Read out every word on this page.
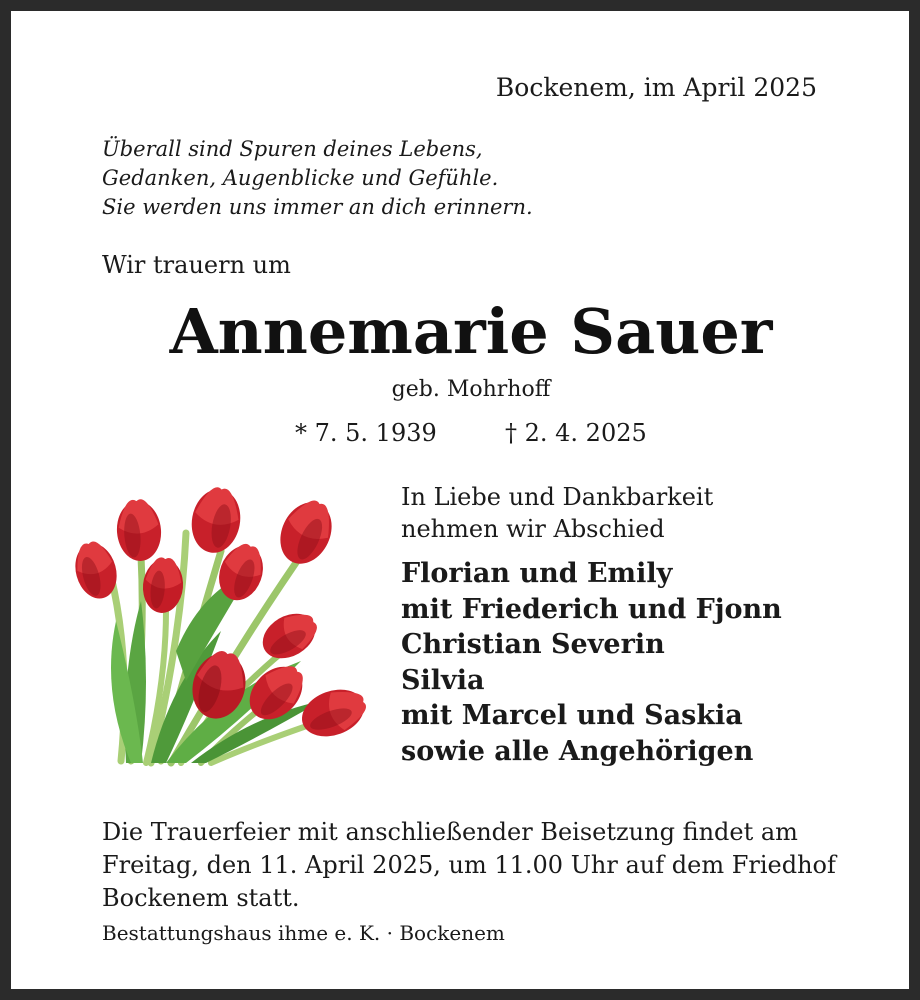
Bockenem, im April 2025
Überall sind Spuren deines Lebens,
Gedanken, Augenblicke und Gefühle.
Sie werden uns immer an dich erinnern.
Wir trauern um
Annemarie Sauer
geb. Mohrhoff
* 7. 5. 1939	† 2. 4. 2025
In Liebe und Dankbarkeit
nehmen wir Abschied
Florian und Emily
mit Friederich und Fjonn
Christian Severin
Silvia
mit Marcel und Saskia
sowie alle Angehörigen
Die Trauerfeier mit anschließender Beisetzung findet am
Freitag, den 11. April 2025, um 11.00 Uhr auf dem Friedhof
Bockenem statt.
Bestattungshaus ihme e. K. · Bockenem
